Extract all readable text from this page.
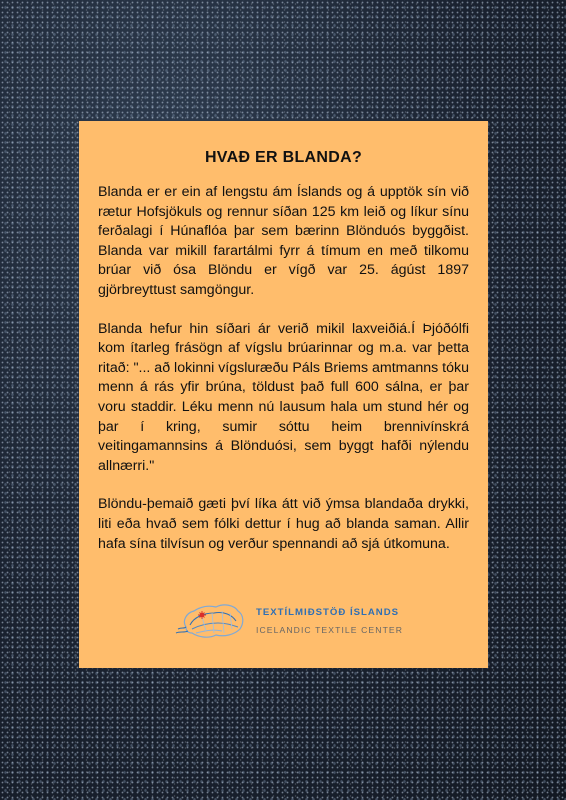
HVAÐ ER BLANDA?

Blanda er er ein af lengstu ám Íslands og á upptök sín við rætur Hofsjökuls og rennur síðan 125 km leið og líkur sínu ferðalagi í Húnaflóa þar sem bærinn Blönduós byggðist. Blanda var mikill farartálmi fyrr á tímum en með tilkomu brúar við ósa Blöndu er vígð var 25. ágúst 1897 gjörbreyttust samgöngur.

Blanda hefur hin síðari ár verið mikil laxveiðiá.Í Þjóðólfi kom ítarleg frásögn af vígslu brúarinnar og m.a. var þetta ritað: "... að lokinni vígsluræðu Páls Briems amtmanns tóku menn á rás yfir brúna, töldust það full 600 sálna, er þar voru staddir. Léku menn nú lausum hala um stund hér og þar í kring, sumir sóttu heim brennivínskrá veitingamannsins á Blönduósi, sem byggt hafði nýlendu allnærri."

Blöndu-þemaið gæti því líka átt við ýmsa blandaða drykki, liti eða hvað sem fólki dettur í hug að blanda saman. Allir hafa sína tilvísun og verður spennandi að sjá útkomuna.

TEXTÍLMIÐSTÖÐ ÍSLANDS
ICELANDIC TEXTILE CENTER
